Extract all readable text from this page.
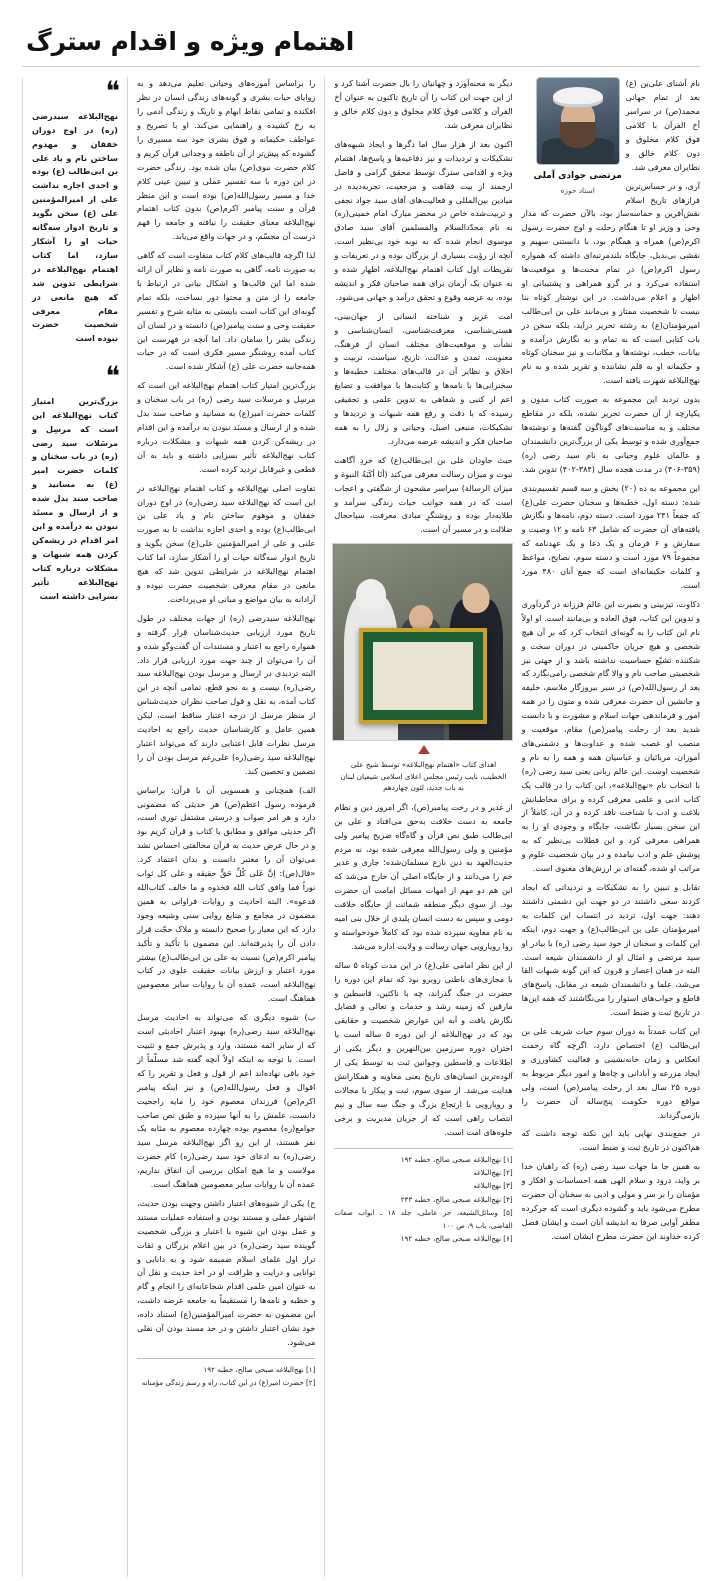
اهتمام ویژه و اقدام سترگ
❝
نهج‌البلاغه سیدرضی (ره) در اوج دوران خفقان و مهدوم ساختن نام و یاد علی بن ابی‌طالب (ع) بوده و احدی اجازه نداشت علی از امیرالمؤمنین علی (ع) سخن بگوید و تاریخ ادوار سه‌گانه حیات او را آشکار سازد، اما کتاب اهتمام نهج‌البلاغه در شرایطی تدوین شد که هیچ مانعی در مقام معرفی شخصیت حضرت نبوده است
❝
بزرگ‌ترین امتیاز کتاب نهج‌البلاغه این است که مرسِل و مرسَلات سید رضی (ره) در باب سخنان و کلمات حضرت امیر (ع) به مسانید و صاحب سند بدل شده و از ارسال و مسنَد نبودن به درآمده و این امر اقدام در ریشه‌کن کردن همه شبهات و مشکلات درباره کتاب نهج‌البلاغه تأثیر بسزایی داشته است

را براساس آموزه‌های وحیانی تعلیم می‌دهد و به زوایای حیات بشری و گونه‌های زندگی انسان در نظر افکنده و تمامی نقاط ابهام و تاریک و زندگی آدمی را به رخ کشیده و راهنمایی می‌کند. او با تصریح و عواطف حکیمانه و فوق بشری خود سه مسیری را گشوده که پیش‌تر از آن ناطقه و وجدانی قرآن کریم و کلام حضرت نبوی(ص) بیان شده بود. زندگی حضرت در این دوره با سه تفسیر عملی و تبیین عینی کلام خدا و مسیر رسول‌الله(ص) بوده است و این منظر قرآن و سنت پیامبر اکرم(ص) بدون کتاب اهتمام نهج‌البلاغه معنای حقیقت را نیافته و جامعه را فهم درست آن مجسّم، و در جهات واقع می‌یابد.

لذا اگرچه قالب‌های کلام کتاب متفاوت است که گاهی به صورت نامه، گاهی به صورت نامه و نظایر آن ارائه شده اما این قالب‌ها و اشکال بیانی در ارتباط با جامعه را از متن و محتوا دور نساخت، بلکه تمام گونه‌ای این کتاب است بایستی به مثابه شرح و تفسیر حقیقت وحی و سنت پیامبر(ص) دانسته و در لسان آن زندگی بشر را سامان داد. اما آنچه در فهرست این کتاب آمده روشنگر مسیر فکری است که در حیات همه‌جانبه حضرت علی (ع) آشکار شده است.

بزرگ‌ترین امتیاز کتاب اهتمام نهج‌البلاغه این است که مرسِل و مرسلات سید رضی (ره) در باب سخنان و کلمات حضرت امیر(ع) به مسانید و صاحب سند بدل شده و از ارسال و مسنَد نبودن به درآمده و این اقدام در ریشه‌کن کردن همه شبهات و مشکلات درباره کتاب نهج‌البلاغه تأثیر بسزایی داشته و باید به آن قطعی و غیرقابل تردید کرده است.

تفاوت اصلی نهج‌البلاغه و کتاب اهتمام نهج‌البلاغه در این است که نهج‌البلاغه سید رضی(ره) در اوج دوران خفقان و موهوم ساختن نام و یاد علی بن ابی‌طالب(ع) بوده و احدی اجازه نداشت تا به صورت علنی و علی از امیرالمؤمنین علی(ع) سخن بگوید و تاریخ ادوار سه‌گانه حیات او را آشکار سازد، اما کتاب اهتمام نهج‌البلاغه در شرایطی تدوین شد که هیچ مانعی در مقام معرفی شخصیت حضرت نبوده و آزادانه به بیان مواضع و مبانی او می‌پرداخت.

نهج‌البلاغه سیدرضی (ره) از جهات مختلف در طول تاریخ مورد ارزیابی حدیث‌شناسان قرار گرفته و همواره راجع به اعتبار و مستندات آن گفت‌وگو شده و آن را می‌توان از چند جهت مورد ارزیابی قرار داد. البته تردیدی در ارسال و مرسل بودن نهج‌البلاغه سید رضی(ره) نیست و به نحو قطع، تمامی آنچه در این کتاب آمده، به نقل و قول صاحب نظران حدیث‌شناس از منظر مرسل از درجه اعتبار ساقط است، لیکن همین عامل و کارشناسان حدیث راجع به احادیث مرسل نظرات قابل اعتنایی دارند که می‌تواند اعتبار نهج‌البلاغه سید رضی(ره) علی‌رغم مرسل بودن آن را تضمین و تحصین کند.

الف) همچنانی و همسویی آن با قرآن: براساس فرموده رسول اعظم(ص) هر حدیثی که مضمونی دارد و هر امر صواب و درستی مشتمل توری است، اگر حدیثی موافق و مطابق با کتاب و قرآن کریم بود و در حال عرض حدیث به قرآن مخالفتی احساس نشد می‌توان آن را معتبر دانست و بدان اعتماد کرد. «قال(ص): اِنَّ عَلی کُلِّ حَقٍّ حقیقه و علی کل ثواب نوراً فما وافق کتاب الله فخذوه و ما خالف کتاب‌الله فدعوه». البته احادیث و روایات فراوانی به همین مضمون در مجامع و منابع روایی سنی وشیعه وجود دارد که این معیار را صحیح دانسته و ملاک حجّت قرار دادن آن را پذیرفته‌اند. این مضمون با تأکید و تأکید پیامبر اکرم(ص) نسبت به علی بن ابی‌طالب(ع) بیشتر مورد اعتبار و ارزش بیانات حقیقت علوی در کتاب نهج‌البلاغه است، عمده آن با روایات سایر معصومین هماهنگ است.

ب) شیوه دیگری که می‌تواند به احادیث مرسل نهج‌البلاغه سید رضی(ره) بهبود اعتبار احادیثی است که از سایر ائمه مستند، وارد و پذیرش جمع و تثبیت است. با توجه به اینکه اولاً آنچه گفته شد مسلّماً از خود باقی نهاده‌اند اعم از قول و فعل و تقریر را که اقوال و فعل رسول‌الله(ص) و نیز اینکه پیامبر اکرم(ص) فرزندان معصوم خود را مایه راجحیت دانست، علمش را به آنها سپرده و طبق نص صاحب جوامع(ره) معصوم بوده چهارده معصوم به مثابه یک نفر هستند، از این رو اگر نهج‌البلاغه مرسل سید رضی(ره) به ادعای خود سید رضی(ره) کام حضرت مولاست و ما هیچ امکان بررسی آن اتفاق نداریم، عمده آن با روایات سایر معصومین هماهنگ است.

ج) یکی از شیوه‌های اعتبار داشتن وجهت بودن حدیث، اشتهار عملی و مستند بودن و استفاده عملیات مستند و عمل بودن این شیوه با اعتبار و بزرگی شخصیت گوینده سید رضی(ره) در بین اعلام بزرگان و ثقات تراز اول علمای اسلام ضمیمه شود و به دانایی و توانایی و درایت و ظرافت او در اخذ حدیث و نقل آن به عنوان امین علمی اقدام شجاعانه‌ای را انجام و گام و خطبه و نامه‌ها را مستقیماً به جامعه عرضه داشت، این مضمون به حضرت امیرالمؤمنین(ع) استناد داده، خود نشان اعتبار داشتن و در حد مسند بودن آن نقلی می‌شود.

[۱] نهج‌البلاغه صبحی صالح، خطبه ۱۹۲
[۲] حضرت امیر(ع) در این کتاب، راه و رسم زندگی مؤمنانه

دیگر به محنه‌آورد و چهانیان را بال حضرت آشنا کرد و از این جهت این کتاب را آن تاریخ تاکنون به عنوان أخ الفرآن و کلامی فوق کلام مخلوق و دون کلام خالق و نظایران معرفی شد.

اکنون بعد از هزار سال اما دگرها و ایجاد شبهه‌های تشکیکات و تردیدات و نیز دفاعیه‌ها و پاسخ‌ها، اهتمام ویژه و اقدامی سترگ توسط محقق گرامی و فاضل ارجمند از بیت فقاهت و مرجعیت، تجربه‌دیده در میادین بین‌المللی و فعالیت‌های آقای سید جواد نجفی و تربیت‌شده خاص در محضر مبارک امام خمینی(ره) به نام مجدّدالسلام والمسلمین آقای سید صادق موسوی انجام شده که به نوبه خود بی‌نظیر است. آنچه از رؤیت بسیاری از بزرگان بوده و در تعریفات و تقریظات اول کتاب اهتمام نهج‌البلاغه، اظهار شده و به عنوان یک آرمان برای همه صاحبان فکر و اندیشه بوده، به عرضه وقوع و تحقق درآمد و جهانی می‌شود.

امت عزیز و شناخته انسانی از جهان‌بینی، هستی‌شناسی، معرفت‌شناسی، انسان‌شناسی و نشأت و موقعیت‌های مختلف انسان از فرهنگ، معنویت، تمدن و عدالت، تاریخ، سیاست، تربیت و اخلاق و نظایر آن در قالب‌های مختلف خطبه‌ها و سخنرانی‌ها با نامه‌ها و کتابت‌ها با موافقت و تضایغ اعم از کتبی و شفاهی به تدوین علمی و تحقیقی رسیده که با دقت و رفع همه شبهات و تردیدها و تشکیکات، منبعی اصیل، وحیانی و زلال را به همه صاحبان فکر و اندیشه عرضه می‌دارد.

حیث جاودان علی بن ابی‌طالب(ع) که خردِ آگاهت نبوت و میزان رسالت معرفی می‌کند (أنَا أکَبَةُ النبوة و میزان الرسالة) سراسر مشحون از شگفتی و اعجاب است که در همه جوانب حیات زندگی سرآمد و طلایه‌دار بوده و روشنگرِ مبادی معرفت، سیاحجال ضلالت و در مسیر آن است.

اهدای کتاب «اهتمام نهج‌البلاغه» توسط شیخ علی الخطیب، نایب رئیس مجلس اعلای اسلامی شیعیان لبنان به باب جدید، لئون چهاردهم

از غدیر و در رخت پیامبر(ص)، اگر امروز دین و نظام جامعه به دست خلافت به‌حق می‌افتاد و علی بن ابی‌طالب طبق نص قرآن و گاه‌گاه صریح پیامبر ولی مؤمنین و ولی رسول‌الله معرفی شده بود، نه مردم حدیث‌العهد به دین نازع مسلمان‌شده؛ جاری و غدیر خم را می‌دانند و از جایگاه اصلی آن خارج می‌شد که این هم دو مهم از امهات مسائل امامت آن حضرت بود. از سوی دیگر منطقه شماتت از جایگاه خلافت دومی و سپس به دست انسان پلیدی از خلال بنی امیه به نام معاویه سپرده شده بود که کاملاً خودخواسته و روا رویارویی جهان رسالت و ولایت اداره می‌شد.

از این نظر امامی علی(ع) در این مدت کوتاه ۵ ساله با مجازی‌های باطنی روبرو بود که تمام این دوره را حضرت در جنگ گذراند، چه با ناکثین، قاسطین و مارقین که زمینه رشد و خدمات و تعالی و فضایل نگارش یافت و آبه این عوارض شخصیت و حقایقی بود که در نهج‌البلاغه از این دوره ۵ ساله است یا اختران دوره سرزمین بین‌النهرین و دیگر یکنی از اطلاعات و فاسطین وجوانین ثبت به توسط یکی از آلوده‌ترین انسان‌های تاریخ یعنی معاویه و همکارانش هدایت می‌شد. از سوی سوم، ثبت و پیکار با مجالات و رویارویی با ارتجاع بزرگ و جنگ سه سال و نیم انتصاب راهی است که از جریان مدیریت و برخی جلوه‌های امت است.

[۱] نهج‌البلاغه صبحی صالح، خطبه ۱۹۲
[۲] نهج‌البلاغه
[۳] نهج‌البلاغه
[۴] نهج‌البلاغه صبحی صالح، خطبه ۲۳۳
[۵] وسائل‌الشیعه، حر عاملی، جلد ۱۸ ـ ابواب صفات القاضی، باب ۹، ص ۱۰۰
[۶] نهج‌البلاغه صبحی صالح، خطبه ۱۹۲
مرتضی جوادی آملی
استاد حوزه

نام آشنای علی‌بن (ع) بعد از تمام جهانی محمد(ص) در سراسر أخ الفرآن با کلامی فوق کلام مخلوق و دون کلام خالق و نظایران معرفی شد.

آری، و در حساس‌ترین فرازهای تاریخ اسلام نقش‌آفرین و حماسه‌ساز بود، بالآن حضرت که مدار وحی و وزیر او تا هنگام رحلت و اوج حضرت رسول اکرم(ص) همراه و همگام بود، با دانستنی سهیم و نقشی بی‌بدیل، جایگاه بلندمرتبه‌ای داشته که همواره رسول اکرم(ص) در تمام محنت‌ها و موقعیت‌ها استفاده می‌کرد و در گرو همراهی و پشتیبانی او اظهار و اعلام می‌داشت. در این نوشتار کوتاه بنا نیست تا شخصیت ممتاز و بی‌مانند علی بن ابی‌طالب امیرمؤمنان(ع) به رشته تحریر درآید، بلکه سخن در باب کتابی است که به تمام و به نگارش درآمده و بیانات، خطب، نوشته‌ها و مکاتبات و نیز سخنان کوتاه و حکیمانه او به قلم نشاننده و تقریر شده و به نام نهج‌البلاغه شهرت یافته است.

بدون تردید این مجموعه به صورت کتاب مدون و یکپارچه از آن حضرت تحریر نشده، بلکه در مقاطع مختلف و به مناسبت‌های گوناگون گفته‌ها و نوشته‌ها جمع‌آوری شده و توسط یکی از بزرگ‌ترین دانشمندان و عالمان علوم وحیانی به نام سید رضی (ره) (۳۵۹-۴۰۶) در مدت هجده سال (۳۸۴-۴۰۲) تدوین شد.

این مجموعه به ده (۲۰) بخش و سه قسم تقسیم‌بندی شده: دسته اول، خطبه‌ها و سخنان حضرت علی(ع) که جمعاً ۲۴۱ مورد است. دسته دوم، نامه‌ها و نگارش یافته‌های آن حضرت که شامل ۶۳ نامه و ۱۲ وصیت و سفارش و ۶ فرمان و یک دعا و یک عهدنامه که مجموعاً ۷۹ مورد است و دسته سوم، نصایح، مواعظ و کلمات حکیمانه‌ای است که جمع آنان ۴۸۰ مورد است.

ذکاوت، تیزبینی و بصیرت این عالم فرزانه در گردآوری و تدوین این کتاب، فوق العاده و بی‌مانند است. او اولاً نام این کتاب را به گونه‌ای انتخاب کرد که بر آن هیچ شخصی و هیچ جریان حاکمیتی در دوران سخت و شکننده تشیّع حساسیت نداشته باشد و از جهتی نیز شخصیتی صاحب نام و والا گام شخصی رامی‌نگارد که بعد از رسول‌الله(ص) در سیر بیروزگار ملاسم، خلیفه و جانشین آن حضرت معرفی شده و متون را در همه امور و فرماندهی جهات اسلام و مشورت و با دانست شدید بعد از رحلت پیامبر(ص) مقام، موقعیت و منصب او غصب شده و عداوت‌ها و دشمنی‌های آموزان، مربائیان و عباسیان همه و همه را به نام و شخصیت اوست. این عالم ربانی یعنی سید رضی (ره) با انتخاب نام «نهج‌البلاغه»، این کتاب را در قالب یک کتاب ادبی و علمی معرفی کرده و برای مخاطبانش بلاغت و ادب با شناخت ناقد کرده و در آن، کاملاً از این سخن بسیار نگاشت، جایگاه و وجودی او را به همراهی معرفی کرد و این فطلات بی‌نظیر که به پوشش علم و ادب نیامده و در بیان شخصیت علوم و مراتب او شده، گفته‌ای بر ارزش‌های معنوی است.

تقابل و تبیین را به تشکیکات و تردیداتی که ایجاد کردند سعی داشتند در دو جهت این دشمنی داشتند دهند: جهت اول، تردید در انتساب این کلمات به امیرمؤمنان علی بن ابی‌طالب(ع) و جهت دوم، اینکه این کلمات و سخنان از خود سید رضی (ره) یا بیادر او سید مرتضی و امثال او از دانشمندان شیعه است. البته در همان اعصار و قرون که این گونه شبهات القا می‌شد، علما و دانشمندان شیعه در مقابل، پاسخ‌های قاطع و جواب‌های استوار را می‌نگاشتند که همه این‌ها در تاریخ ثبت و ضبط است.

این کتاب عمدتاً به دوران سوم حیات شریف علی بن ابی‌طالب (ع) اختصاص دارد، اگرچه گاه رحمت انعکاس و زمان خانه‌نشینی و فعالیت کشاورزی و ایجاد مزرعه و آبادانی و چاه‌ها و امور دیگر مربوط به دوره ۲۵ سال بعد از رحلت پیامبر(ص) است، ولی مواقع دوره حکومت پنج‌ساله آن حضرت را بازمی‌گرداند.

در جمع‌بندی نهایی باید این نکته توجه داشت که هم‌اکنون در تاریخ ثبت و ضبط است.

به همین جا ما جهات سید رضی (ره) که راهبان خدا بر واید، درود و سلام الهی همه احساسات و افکار و مؤمنان را بر سر و مولی و ادبی به سخنان آن حضرت مطرح می‌شود باید و گشوده دیگری است که جرکرده مظفر آوایی صرفا به اندیشه آنان است و ایشان فضل کرده خداوند این حضرت مطرح ایشان است.
